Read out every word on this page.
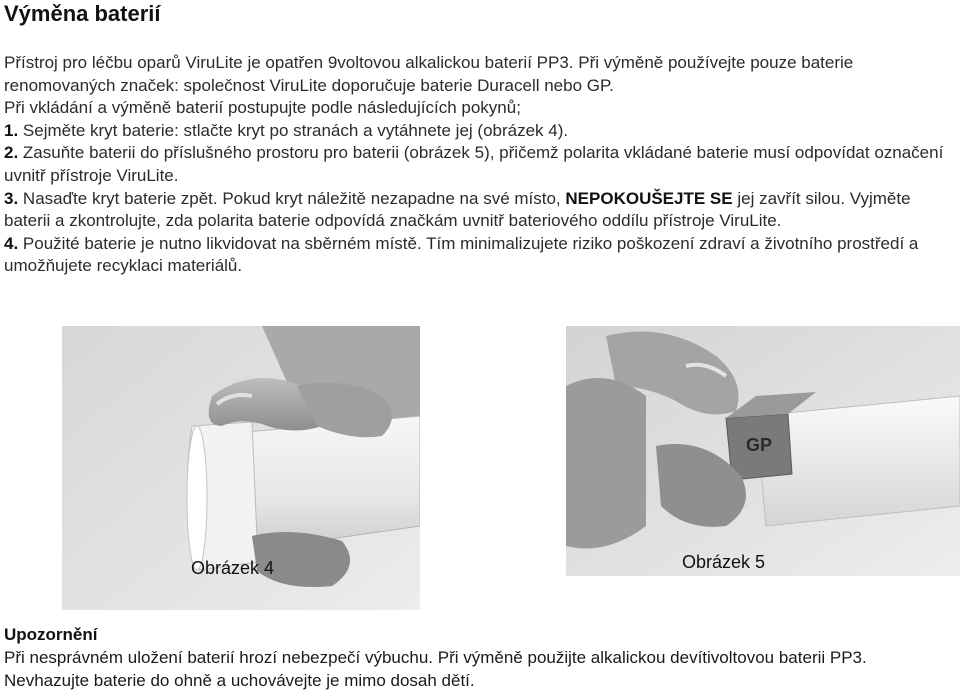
Výměna baterií

Přístroj pro léčbu oparů ViruLite je opatřen 9voltovou alkalickou baterií PP3. Při výměně používejte pouze baterie renomovaných značek: společnost ViruLite doporučuje baterie Duracell nebo GP.

Při vkládání a výměně baterií postupujte podle následujících pokynů;

1. Sejměte kryt baterie: stlačte kryt po stranách a vytáhnete jej (obrázek 4).

2. Zasuňte baterii do příslušného prostoru pro baterii (obrázek 5), přičemž polarita vkládané baterie musí odpovídat označení uvnitř přístroje ViruLite.

3. Nasaďte kryt baterie zpět. Pokud kryt náležitě nezapadne na své místo, NEPOKOUŠEJTE SE jej zavřít silou. Vyjměte baterii a zkontrolujte, zda polarita baterie odpovídá značkám uvnitř bateriového oddílu přístroje ViruLite.

4. Použité baterie je nutno likvidovat na sběrném místě. Tím minimalizujete riziko poškození zdraví a životního prostředí a umožňujete recyklaci materiálů.

GP
Obrázek 4	Obrázek 5

Upozornění

Při nesprávném uložení baterií hrozí nebezpečí výbuchu. Při výměně použijte alkalickou devítivoltovou baterii PP3. Nevhazujte baterie do ohně a uchovávejte je mimo dosah dětí.
